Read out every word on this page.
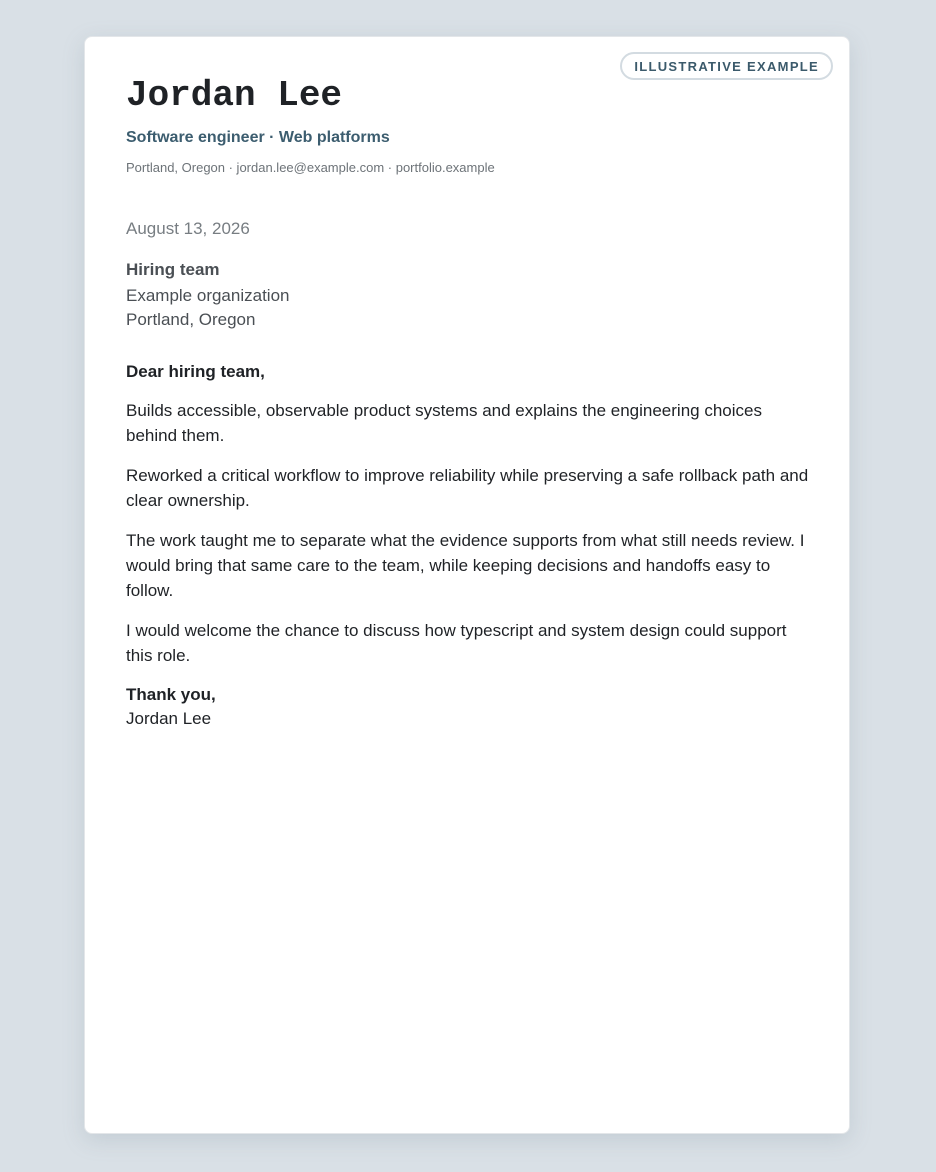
ILLUSTRATIVE EXAMPLE
Jordan Lee
Software engineer · Web platforms
Portland, Oregon · jordan.lee@example.com · portfolio.example
August 13, 2026
Hiring team
Example organization
Portland, Oregon

Dear hiring team,

Builds accessible, observable product systems and explains the engineering choices behind them.

Reworked a critical workflow to improve reliability while preserving a safe rollback path and clear ownership.

The work taught me to separate what the evidence supports from what still needs review. I would bring that same care to the team, while keeping decisions and handoffs easy to follow.

I would welcome the chance to discuss how typescript and system design could support this role.

Thank you,
Jordan Lee
